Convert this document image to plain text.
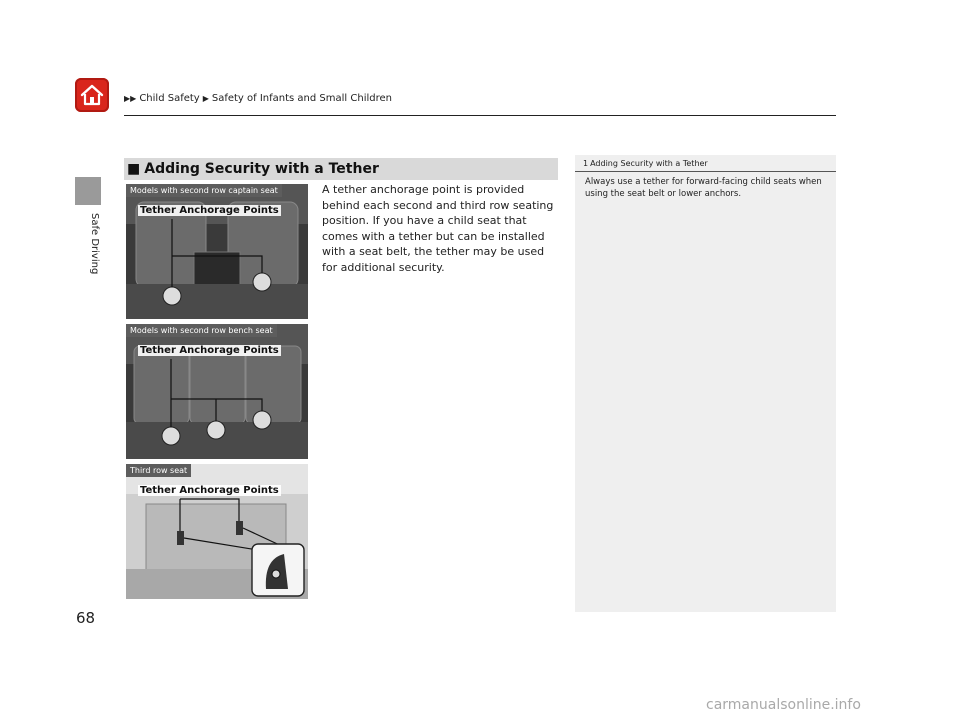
▶▶ Child Safety ▶ Safety of Infants and Small Children
Safe Driving
68
■ Adding Security with a Tether
A tether anchorage point is provided behind each second and third row seating position. If you have a child seat that comes with a tether but can be installed with a seat belt, the tether may be used for additional security.
Models with second row captain seat
Tether Anchorage Points
Models with second row bench seat
Tether Anchorage Points
Third row seat
Tether Anchorage Points
1 Adding Security with a Tether
Always use a tether for forward-facing child seats when using the seat belt or lower anchors.
carmanualsonline.info
